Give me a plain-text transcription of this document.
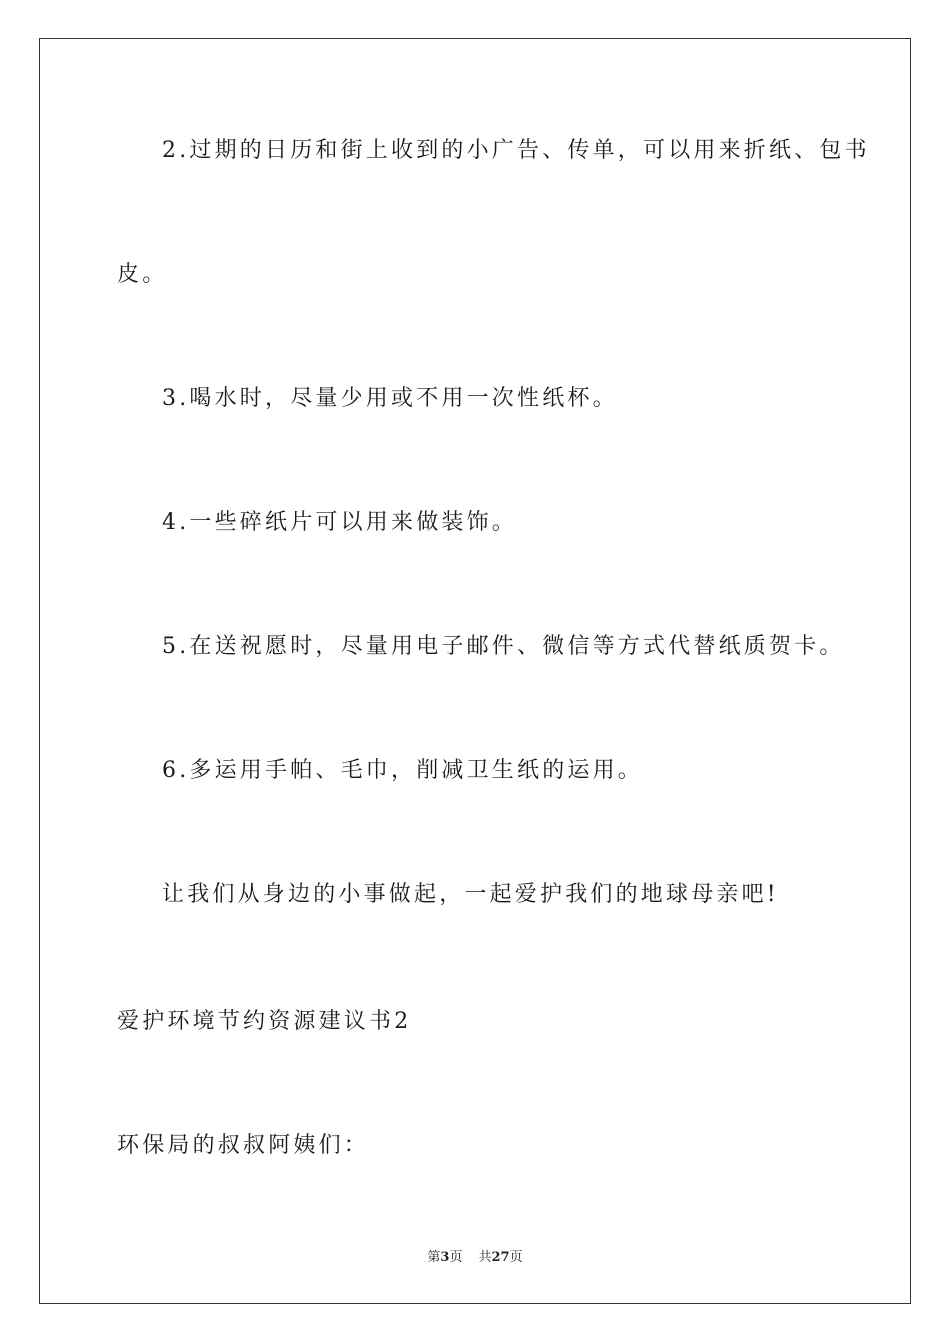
2.过期的日历和街上收到的小广告、传单，可以用来折纸、包书
皮。
3.喝水时，尽量少用或不用一次性纸杯。
4.一些碎纸片可以用来做装饰。
5.在送祝愿时，尽量用电子邮件、微信等方式代替纸质贺卡。
6.多运用手帕、毛巾，削减卫生纸的运用。
让我们从身边的小事做起，一起爱护我们的地球母亲吧!
爱护环境节约资源建议书2
环保局的叔叔阿姨们：
第3页 共27页
